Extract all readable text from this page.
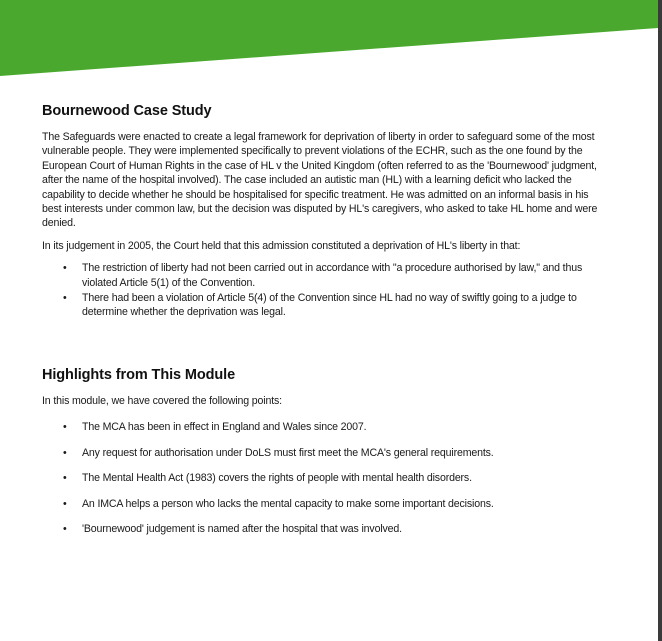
Bournewood Case Study

The Safeguards were enacted to create a legal framework for deprivation of liberty in order to safeguard some of the most vulnerable people. They were implemented specifically to prevent violations of the ECHR, such as the one found by the European Court of Human Rights in the case of HL v the United Kingdom (often referred to as the 'Bournewood' judgment, after the name of the hospital involved). The case included an autistic man (HL) with a learning deficit who lacked the capability to decide whether he should be hospitalised for specific treatment. He was admitted on an informal basis in his best interests under common law, but the decision was disputed by HL's caregivers, who asked to take HL home and were denied.

In its judgement in 2005, the Court held that this admission constituted a deprivation of HL's liberty in that:

• The restriction of liberty had not been carried out in accordance with "a procedure authorised by law," and thus violated Article 5(1) of the Convention.
• There had been a violation of Article 5(4) of the Convention since HL had no way of swiftly going to a judge to determine whether the deprivation was legal.
Highlights from This Module

In this module, we have covered the following points:

• The MCA has been in effect in England and Wales since 2007.
• Any request for authorisation under DoLS must first meet the MCA's general requirements.
• The Mental Health Act (1983) covers the rights of people with mental health disorders.
• An IMCA helps a person who lacks the mental capacity to make some important decisions.
• 'Bournewood' judgement is named after the hospital that was involved.
